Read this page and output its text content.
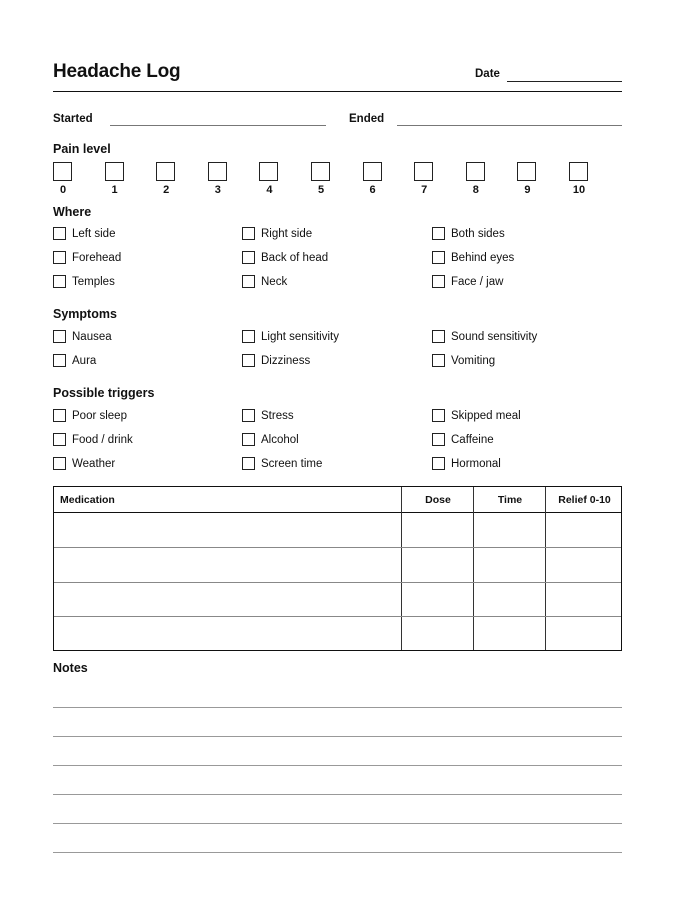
Headache Log	Date
Started	Ended
Pain level
0	1	2	3	4	5	6	7	8	9	10
Where
Left side	Right side	Both sides
Forehead	Back of head	Behind eyes
Temples	Neck	Face / jaw
Symptoms
Nausea	Light sensitivity	Sound sensitivity
Aura	Dizziness	Vomiting
Possible triggers
Poor sleep	Stress	Skipped meal
Food / drink	Alcohol	Caffeine
Weather	Screen time	Hormonal
Medication	Dose	Time	Relief 0-10
Notes
